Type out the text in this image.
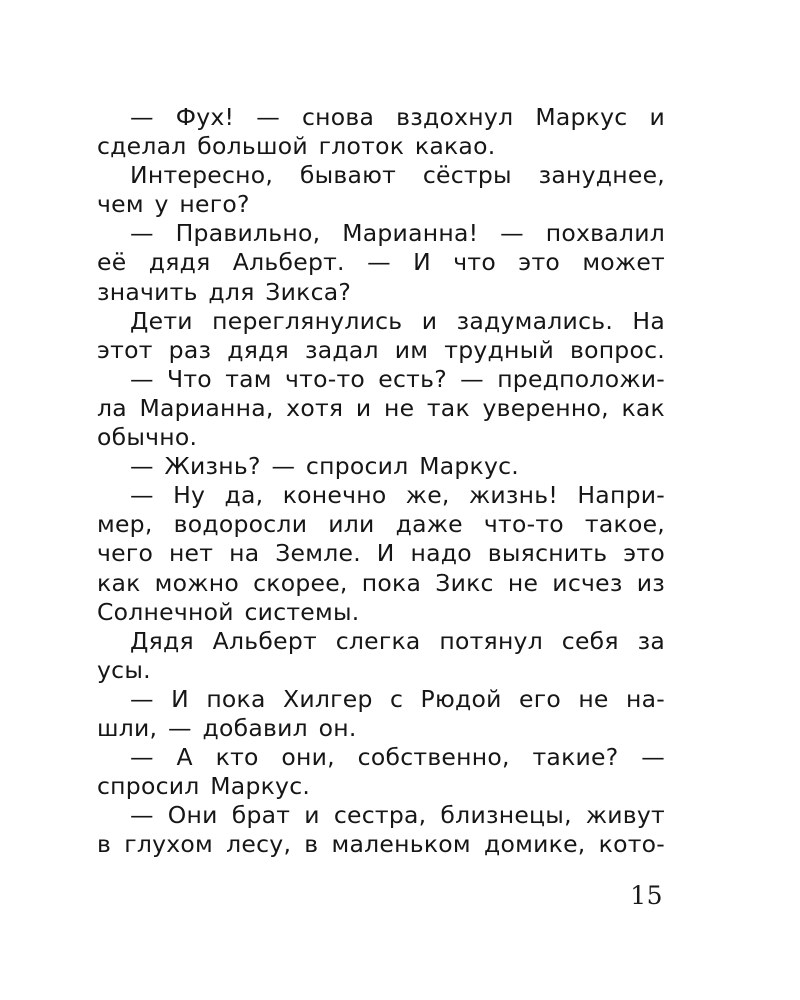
— Фух! — снова вздохнул Маркус и
сделал большой глоток какао.
Интересно, бывают сёстры зануднее,
чем у него?
— Правильно, Марианна! — похвалил
её дядя Альберт. — И что это может
значить для Зикса?
Дети переглянулись и задумались. На
этот раз дядя задал им трудный вопрос.
— Что там что-то есть? — предположи-
ла Марианна, хотя и не так уверенно, как
обычно.
— Жизнь? — спросил Маркус.
— Ну да, конечно же, жизнь! Напри-
мер, водоросли или даже что-то такое,
чего нет на Земле. И надо выяснить это
как можно скорее, пока Зикс не исчез из
Солнечной системы.
Дядя Альберт слегка потянул себя за
усы.
— И пока Хилгер с Рюдой его не на-
шли, — добавил он.
— А кто они, собственно, такие? —
спросил Маркус.
— Они брат и сестра, близнецы, живут
в глухом лесу, в маленьком домике, кото-
15
